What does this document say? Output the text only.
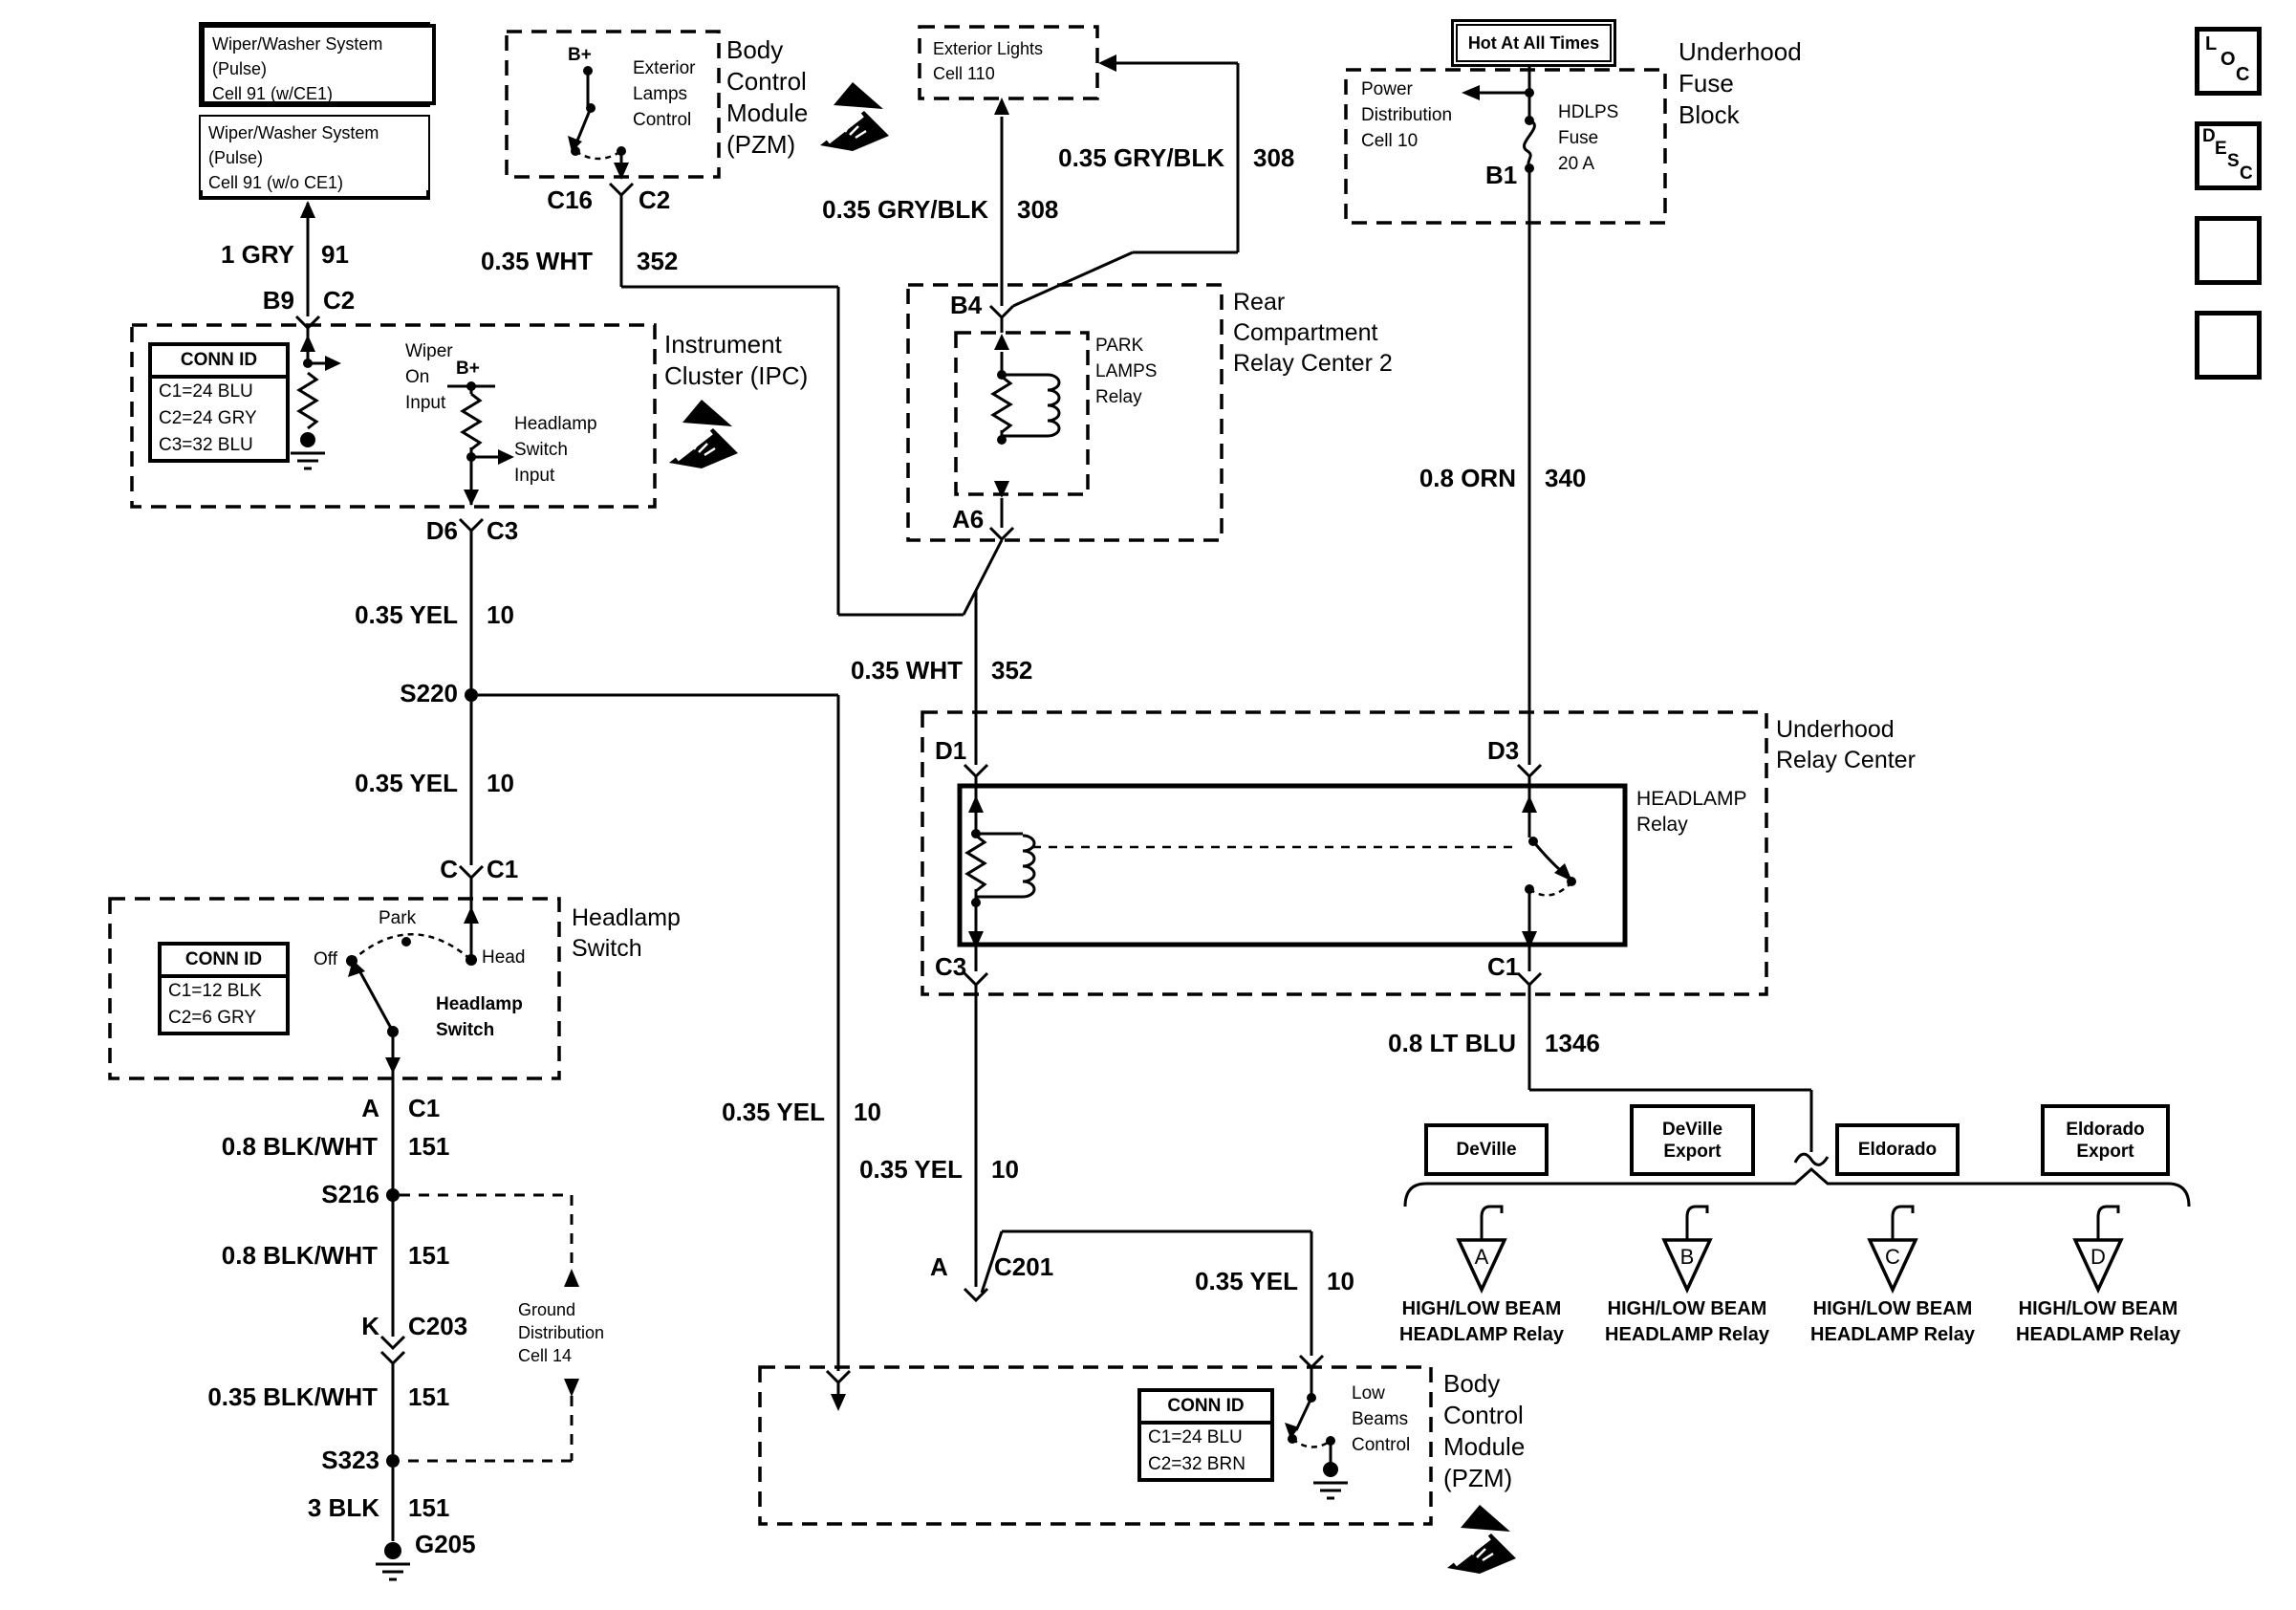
Wiper/Washer System
(Pulse)
Cell 91 (w/CE1)
Wiper/Washer System
(Pulse)
Cell 91 (w/o CE1)
Exterior Lights
Cell 110
Hot At All Times
Ground
Distribution
Cell 14
Body
Control
Module
(PZM)
Instrument
Cluster (IPC)
Rear
Compartment
Relay Center 2
Underhood
Fuse
Block
Underhood
Relay Center
Headlamp
Switch
Body
Control
Module
(PZM)
Exterior
Lamps
Control
B+
B+
Wiper
On
Input
Headlamp
Switch
Input
Power
Distribution
Cell 10
HDLPS
Fuse
20 A
PARK
LAMPS
Relay
HEADLAMP
Relay
Low
Beams
Control
Headlamp
Switch
Off
Park
Head
CONN ID
C1=24 BLU
C2=24 GRY
C3=32 BLU
CONN ID
C1=12 BLK
C2=6 GRY
CONN ID
C1=24 BLU
C2=32 BRN
1 GRY 91
B9 C2
0.35 WHT 352
C16 C2
D6 C3
0.35 YEL 10
S220
0.35 YEL 10
C C1
A C1
0.8 BLK/WHT 151
S216
0.8 BLK/WHT 151
K C203
0.35 BLK/WHT 151
S323
3 BLK 151
G205
0.35 WHT 352
0.35 GRY/BLK 308
0.35 GRY/BLK 308
B4
A6
D1	D3
C3	C1
A C201
B1
0.35 YEL 10
0.35 YEL 10
0.35 YEL 10
0.8 ORN 340
0.8 LT BLU 1346
DeVille
DeVille
Export	Eldorado
Eldorado
Export
A	B	C	D
HIGH/LOW BEAM
HEADLAMP Relay
HIGH/LOW BEAM
HEADLAMP Relay
HIGH/LOW BEAM
HEADLAMP Relay
HIGH/LOW BEAM
HEADLAMP Relay
L
O
C
D
E
S
C
